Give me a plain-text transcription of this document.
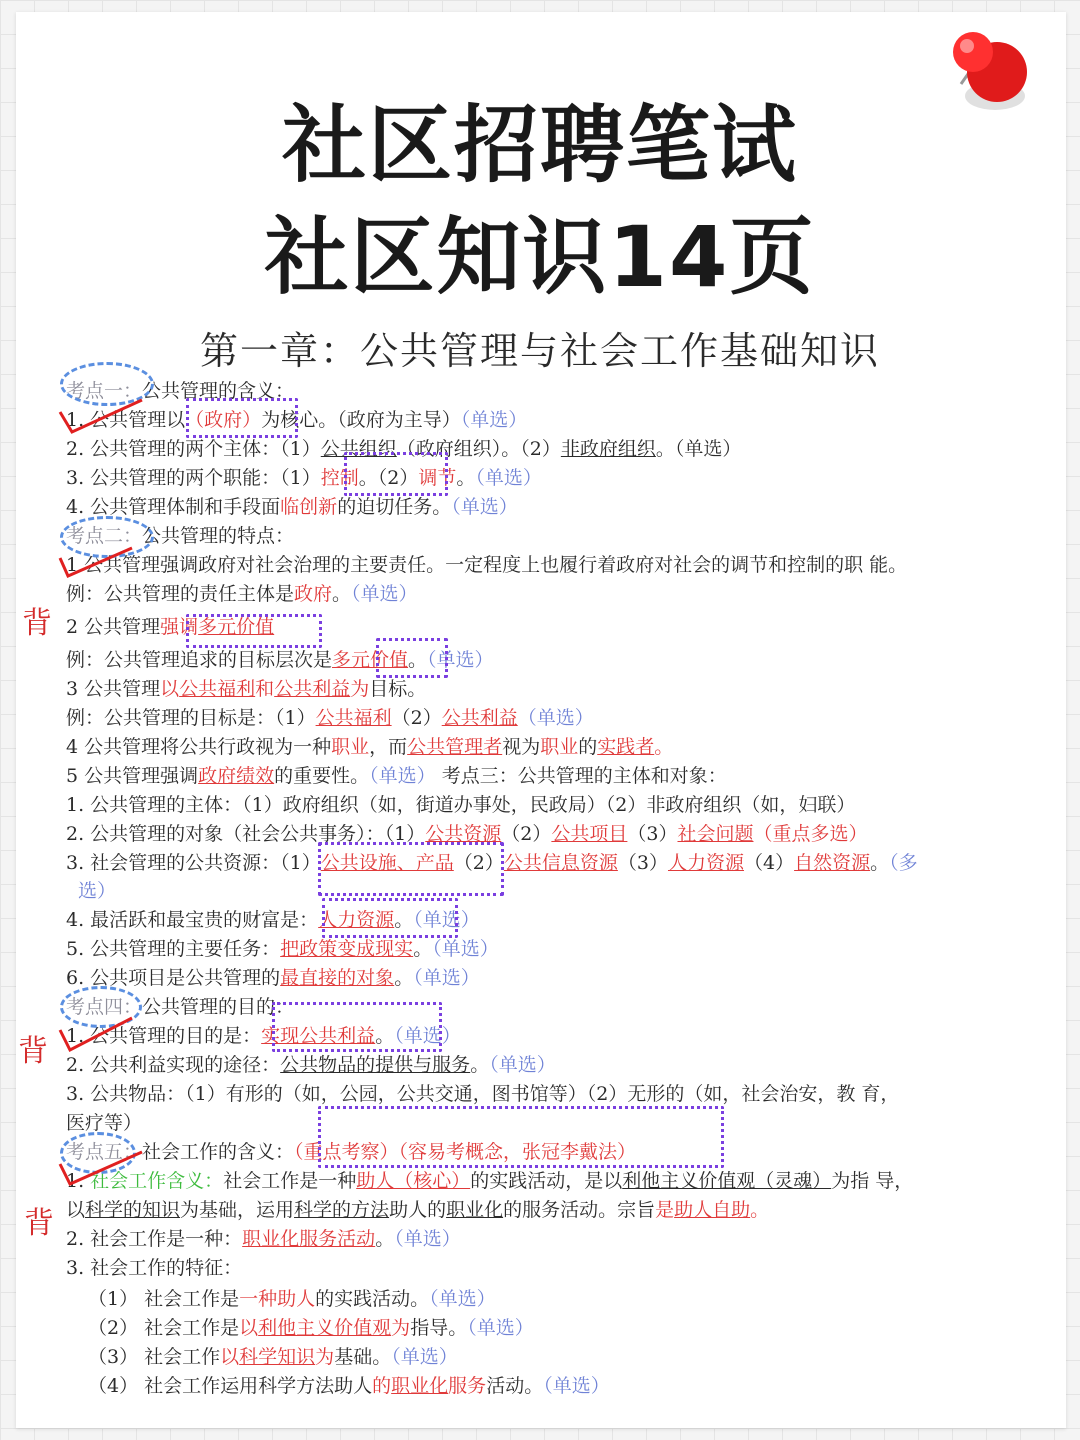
社区招聘笔试
社区知识14页
第一章：公共管理与社会工作基础知识
考点一：公共管理的含义：
1. 公共管理以（政府）为核心。（政府为主导）（单选）
2. 公共管理的两个主体：（1）公共组织（政府组织）。（2）非政府组织。（单选）
3. 公共管理的两个职能：（1）控制。（2）调节。（单选）
4. 公共管理体制和手段面临创新的迫切任务。（单选）
考点二：公共管理的特点：
1 公共管理强调政府对社会治理的主要责任。一定程度上也履行着政府对社会的调节和控制的职 能。
例：公共管理的责任主体是政府。（单选）
2 公共管理强调多元价值
例：公共管理追求的目标层次是多元价值。（单选）
3 公共管理以公共福利和公共利益为目标。
例：公共管理的目标是：（1）公共福利（2）公共利益（单选）
4 公共管理将公共行政视为一种职业，而公共管理者视为职业的实践者。
5 公共管理强调政府绩效的重要性。（单选） 考点三：公共管理的主体和对象：
1. 公共管理的主体：（1）政府组织（如，街道办事处，民政局）（2）非政府组织（如，妇联）
2. 公共管理的对象（社会公共事务）：（1）公共资源（2）公共项目（3）社会问题（重点多选）
3. 社会管理的公共资源：（1）公共设施、产品（2）公共信息资源（3）人力资源（4）自然资源。（多
选）
4. 最活跃和最宝贵的财富是：人力资源。（单选）
5. 公共管理的主要任务：把政策变成现实。（单选）
6. 公共项目是公共管理的最直接的对象。（单选）
考点四：公共管理的目的：
1. 公共管理的目的是：实现公共利益。（单选）
2. 公共利益实现的途径：公共物品的提供与服务。（单选）
3. 公共物品：（1）有形的（如，公园，公共交通，图书馆等）（2）无形的（如，社会治安，教 育，
医疗等）
考点五：社会工作的含义：（重点考察）（容易考概念，张冠李戴法）
1. 社会工作含义：社会工作是一种助人（核心）的实践活动，是以利他主义价值观（灵魂）为指 导，
以科学的知识为基础，运用科学的方法助人的职业化的服务活动。宗旨是助人自助。
2. 社会工作是一种：职业化服务活动。（单选）
3. 社会工作的特征：
（1） 社会工作是一种助人的实践活动。（单选）
（2） 社会工作是以利他主义价值观为指导。（单选）
（3） 社会工作以科学知识为基础。（单选）
（4） 社会工作运用科学方法助人的职业化服务活动。（单选）
背
背
背
